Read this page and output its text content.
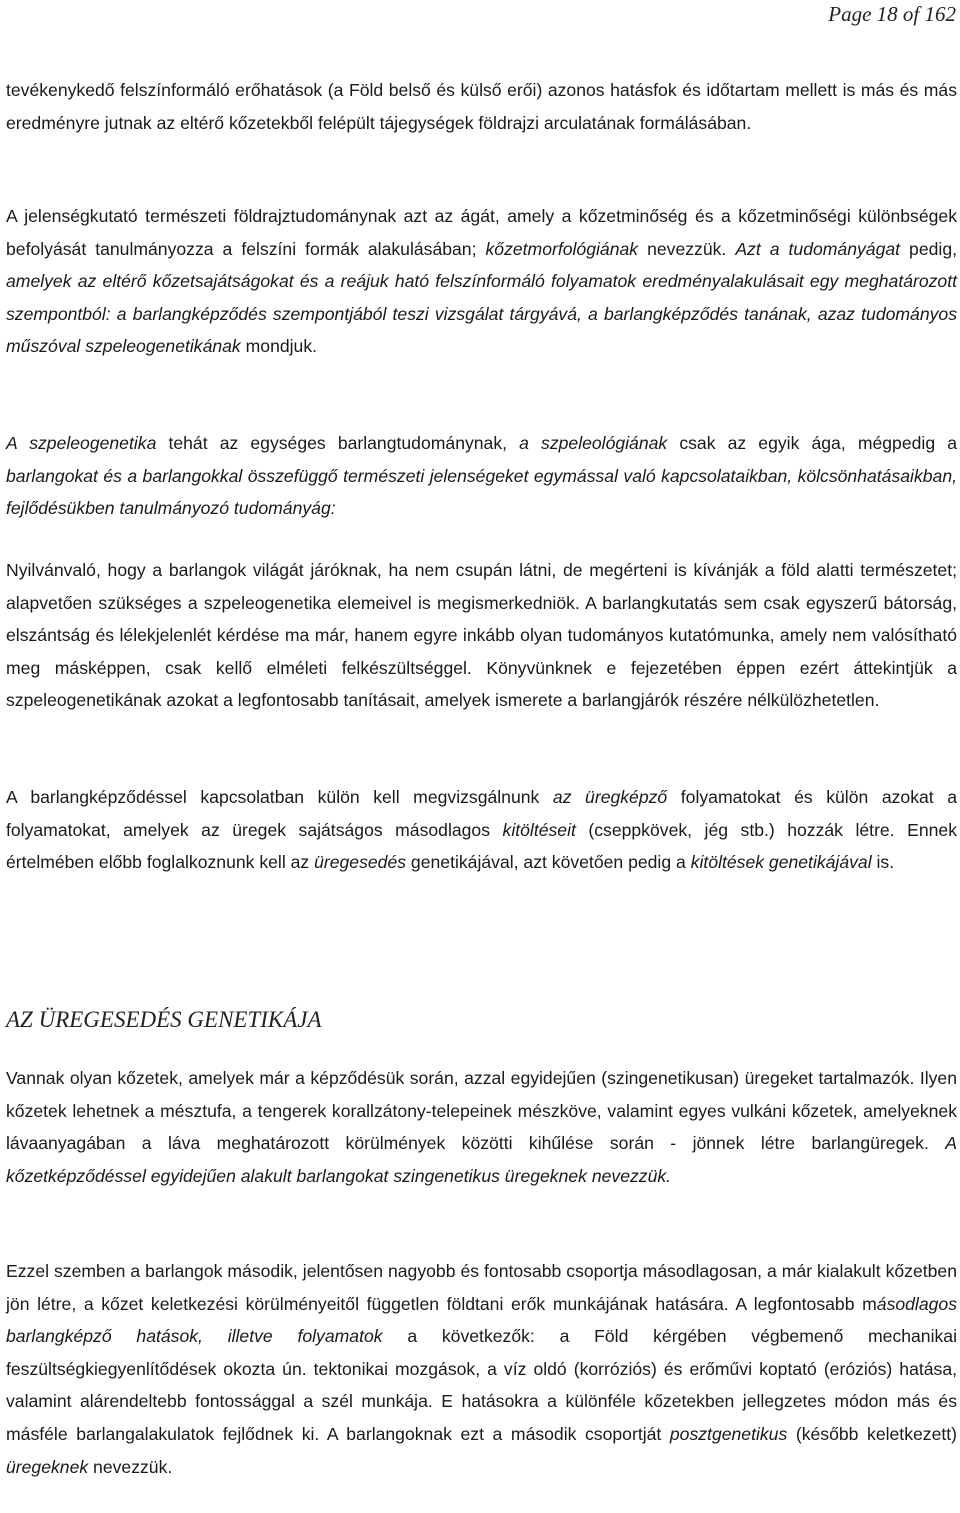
Page 18 of 162

tevékenykedő felszínformáló erőhatások (a Föld belső és külső erői) azonos hatásfok és időtartam mellett is más és más eredményre jutnak az eltérő kőzetekből felépült tájegységek földrajzi arculatának formálásában.

A jelenségkutató természeti földrajztudománynak azt az ágát, amely a kőzetminőség és a kőzetminőségi különbségek befolyását tanulmányozza a felszíni formák alakulásában; kőzetmorfológiának nevezzük. Azt a tudományágat pedig, amelyek az eltérő kőzetsajátságokat és a reájuk ható felszínformáló folyamatok eredményalakulásait egy meghatározott szempontból: a barlangképződés szempontjából teszi vizsgálat tárgyává, a barlangképződés tanának, azaz tudományos műszóval szpeleogenetikának mondjuk.

A szpeleogenetika tehát az egységes barlangtudománynak, a szpeleológiának csak az egyik ága, mégpedig a barlangokat és a barlangokkal összefüggő természeti jelenségeket egymással való kapcsolataikban, kölcsönhatásaikban, fejlődésükben tanulmányozó tudományág:

Nyilvánvaló, hogy a barlangok világát járóknak, ha nem csupán látni, de megérteni is kívánják a föld alatti természetet; alapvetően szükséges a szpeleogenetika elemeivel is megismerkedniök. A barlangkutatás sem csak egyszerű bátorság, elszántság és lélekjelenlét kérdése ma már, hanem egyre inkább olyan tudományos kutatómunka, amely nem valósítható meg másképpen, csak kellő elméleti felkészültséggel. Könyvünknek e fejezetében éppen ezért áttekintjük a szpeleogenetikának azokat a legfontosabb tanításait, amelyek ismerete a barlangjárók részére nélkülözhetetlen.

A barlangképződéssel kapcsolatban külön kell megvizsgálnunk az üregképző folyamatokat és külön azokat a folyamatokat, amelyek az üregek sajátságos másodlagos kitöltéseit (cseppkövek, jég stb.) hozzák létre. Ennek értelmében előbb foglalkoznunk kell az üregesedés genetikájával, azt követően pedig a kitöltések genetikájával is.

AZ ÜREGESEDÉS GENETIKÁJA

Vannak olyan kőzetek, amelyek már a képződésük során, azzal egyidejűen (szingenetikusan) üregeket tartalmazók. Ilyen kőzetek lehetnek a mésztufa, a tengerek korallzátony-telepeinek mészköve, valamint egyes vulkáni kőzetek, amelyeknek lávaanyagában a láva meghatározott körülmények közötti kihűlése során - jönnek létre barlangüregek. A kőzetképződéssel egyidejűen alakult barlangokat szingenetikus üregeknek nevezzük.

Ezzel szemben a barlangok második, jelentősen nagyobb és fontosabb csoportja másodlagosan, a már kialakult kőzetben jön létre, a kőzet keletkezési körülményeitől független földtani erők munkájának hatására. A legfontosabb másodlagos barlangképző hatások, illetve folyamatok a következők: a Föld kérgében végbemenő mechanikai feszültségkiegyenlítődések okozta ún. tektonikai mozgások, a víz oldó (korróziós) és erőművi koptató (eróziós) hatása, valamint alárendeltebb fontossággal a szél munkája. E hatásokra a különféle kőzetekben jellegzetes módon más és másféle barlangalakulatok fejlődnek ki. A barlangoknak ezt a második csoportját posztgenetikus (később keletkezett) üregeknek nevezzük.
